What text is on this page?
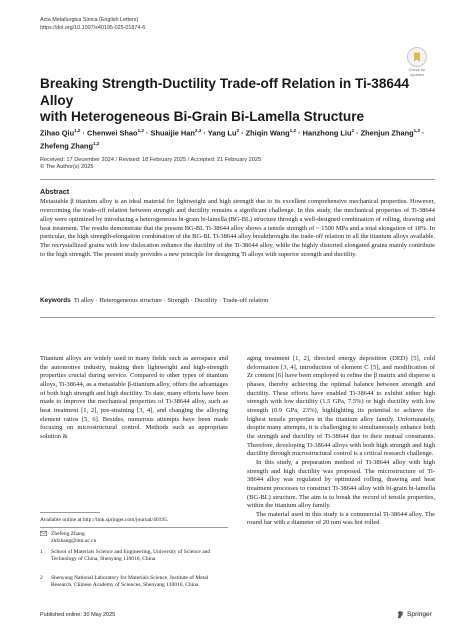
Acta Metallurgica Sinica (English Letters)
https://doi.org/10.1007/s40195-025-01874-6
Check for
updates
Breaking Strength-Ductility Trade-off Relation in Ti-38644 Alloy
with Heterogeneous Bi-Grain Bi-Lamella Structure
Zihao Qiu$^{1,2}$ · Chenwei Shao$^{1,2}$ · Shuaijie Han$^{2,3}$ · Yang $Lu^2$ · Zhiqin Wang$^{1,2}$ · Hanzhong Liu$^2$ · Zhenjun Zhang$^{1,2}$ ·
Zhefeng Zhang$^{1,2}$
Received: 17 December 2024 / Revised: 18 February 2025 / Accepted: 21 February 2025
© The Author(s) 2025
Abstract
Metastable β titanium alloy is an ideal material for lightweight and high strength due to its excellent comprehensive mechanical properties. However, overcoming the trade-off relation between strength and ductility remains a significant challenge. In this study, the mechanical properties of Ti-38644 alloy were optimized by introducing a heterogeneous bi-grain bi-lamella (BG-BL) structure through a well-designed combination of rolling, drawing and heat treatment. The results demonstrate that the present BG-BL Ti-38644 alloy shows a tensile strength of ~ 1500 MPa and a total elongation of 18%. In particular, the high strength-elongation combination of the BG-BL Ti-38644 alloy breakthroughs the trade-off relation in all the titanium alloys available. The recrystallized grains with low dislocation enhance the ductility of the Ti-38644 alloy, while the highly distorted elongated grains mainly contribute to the high strength. The present study provides a new principle for designing Ti alloys with superior strength and ductility.
Keywords Ti alloy · Heterogeneous structure · Strength · Ductility · Trade-off relation

Titanium alloys are widely used in many fields such as aerospace and the automotive industry, making their lightweight and high-strength properties crucial during service. Compared to other types of titanium alloys, Ti-38644, as a metastable β-titanium alloy, offers the advantages of both high strength and high ductility. To date, many efforts have been made to improve the mechanical properties of Ti-38644 alloy, such as heat treatment [1, 2], pre-straining [3, 4], and changing the alloying element ratios [5, 6]. Besides, numerous attempts have been made focusing on microstructural control. Methods such as appropriate solution &

Available online at http://link.springer.com/journal/40195.
Zhefeng Zhang
zhfzhang@imr.ac.cn
1	School of Materials Science and Engineering, University of Science and Technology of China, Shenyang 110016, China
2	Shenyang National Laboratory for Materials Science, Institute of Metal Research, Chinese Academy of Sciences, Shenyang 110016, China

aging treatment [1, 2], directed energy deposition (DED) [5], cold deformation [3, 4], introduction of element C [5], and modification of Zr content [6] have been employed to refine the β matrix and disperse α phases, thereby achieving the optimal balance between strength and ductility. These efforts have enabled Ti-38644 to exhibit either high strength with low ductility (1.5 GPa, 7.5%) or high ductility with low strength (0.9 GPa, 23%), highlighting its potential to achieve the highest tensile properties in the titanium alloy family. Unfortunately, despite many attempts, it is challenging to simultaneously enhance both the strength and ductility of Ti-38644 due to their mutual constraints. Therefore, developing Ti-38644 alloys with both high strength and high ductility through microstructural control is a critical research challenge.

In this study, a preparation method of Ti-38644 alloy with high strength and high ductility was proposed. The microstructure of Ti-38644 alloy was regulated by optimized rolling, drawing and heat treatment processes to construct Ti-38644 alloy with bi-grain bi-lamella (BG-BL) structure. The aim is to break the record of tensile properties, within the titanium alloy family.

The material used in this study is a commercial Ti-38644 alloy. The round bar with a diameter of 20 mm was hot rolled

Published online: 30 May 2025	Springer
